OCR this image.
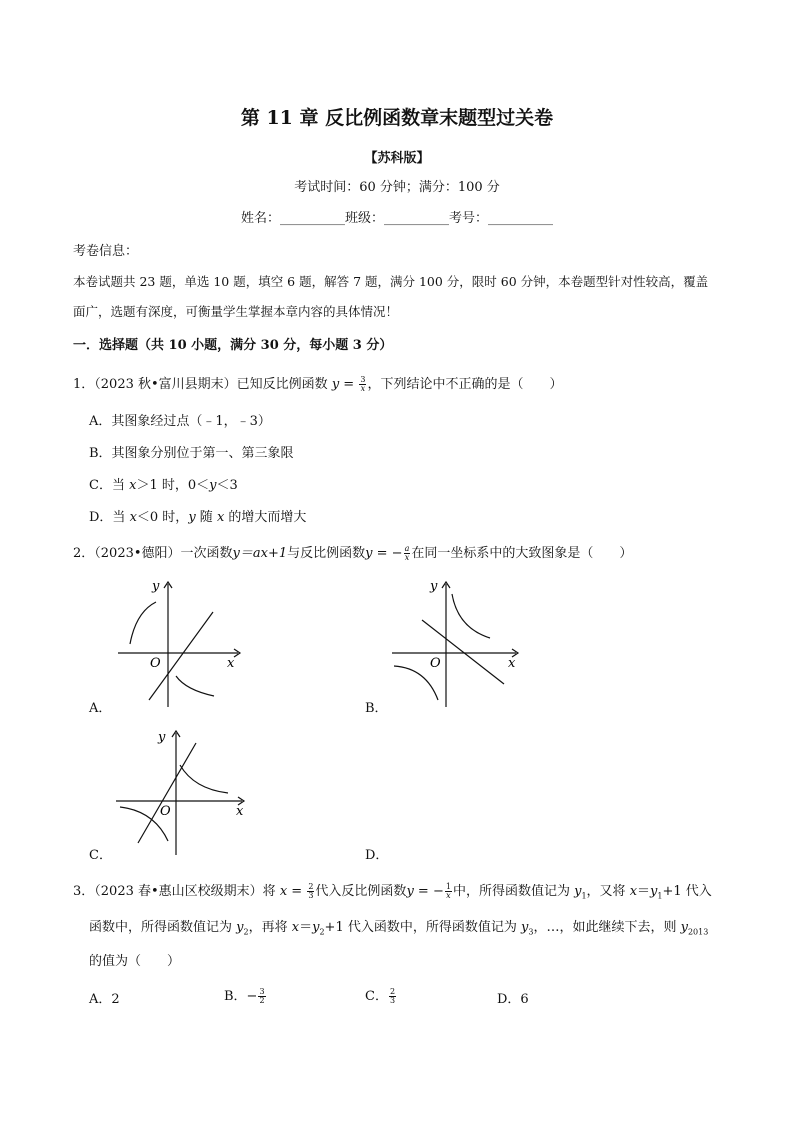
第 11 章 反比例函数章末题型过关卷
【苏科版】
考试时间：60 分钟；满分：100 分
姓名：__________班级：__________考号：__________
考卷信息：
本卷试题共 23 题，单选 10 题，填空 6 题，解答 7 题，满分 100 分，限时 60 分钟，本卷题型针对性较高，覆盖
面广，选题有深度，可衡量学生掌握本章内容的具体情况！
一．选择题（共 10 小题，满分 30 分，每小题 3 分）
1．（2023 秋•富川县期末）已知反比例函数 $y = \frac{3}{x}$ ，下列结论中不正确的是（　　）
A．其图象经过点（﹣1，﹣3）
B．其图象分别位于第一、第三象限
C．当 x＞1 时，0＜y＜3
D．当 x＜0 时，y 随 x 的增大而增大
2．（2023•德阳）一次函数y＝ax+1与反比例函数y = − $\frac{a}{x}$ 在同一坐标系中的大致图象是（　　）
O
y
x
A．
O
y
x
B．
O
y
x
C．	D．
3．（2023 春•惠山区校级期末）将 $x = \frac{2}{3}$ 代入反比例函数y = − $\frac{1}{x}$ 中，所得函数值记为 $y_1$，又将 $x=y_1+1$ 代入
函数中，所得函数值记为 $y_2$，再将 $x=y_2+1$ 代入函数中，所得函数值记为 $y_3$，…，如此继续下去，则 $y_{2013}$
的值为（　　）
A．2	B．− $\frac{3}{2}$	C． $\frac{2}{3}$	D．6
